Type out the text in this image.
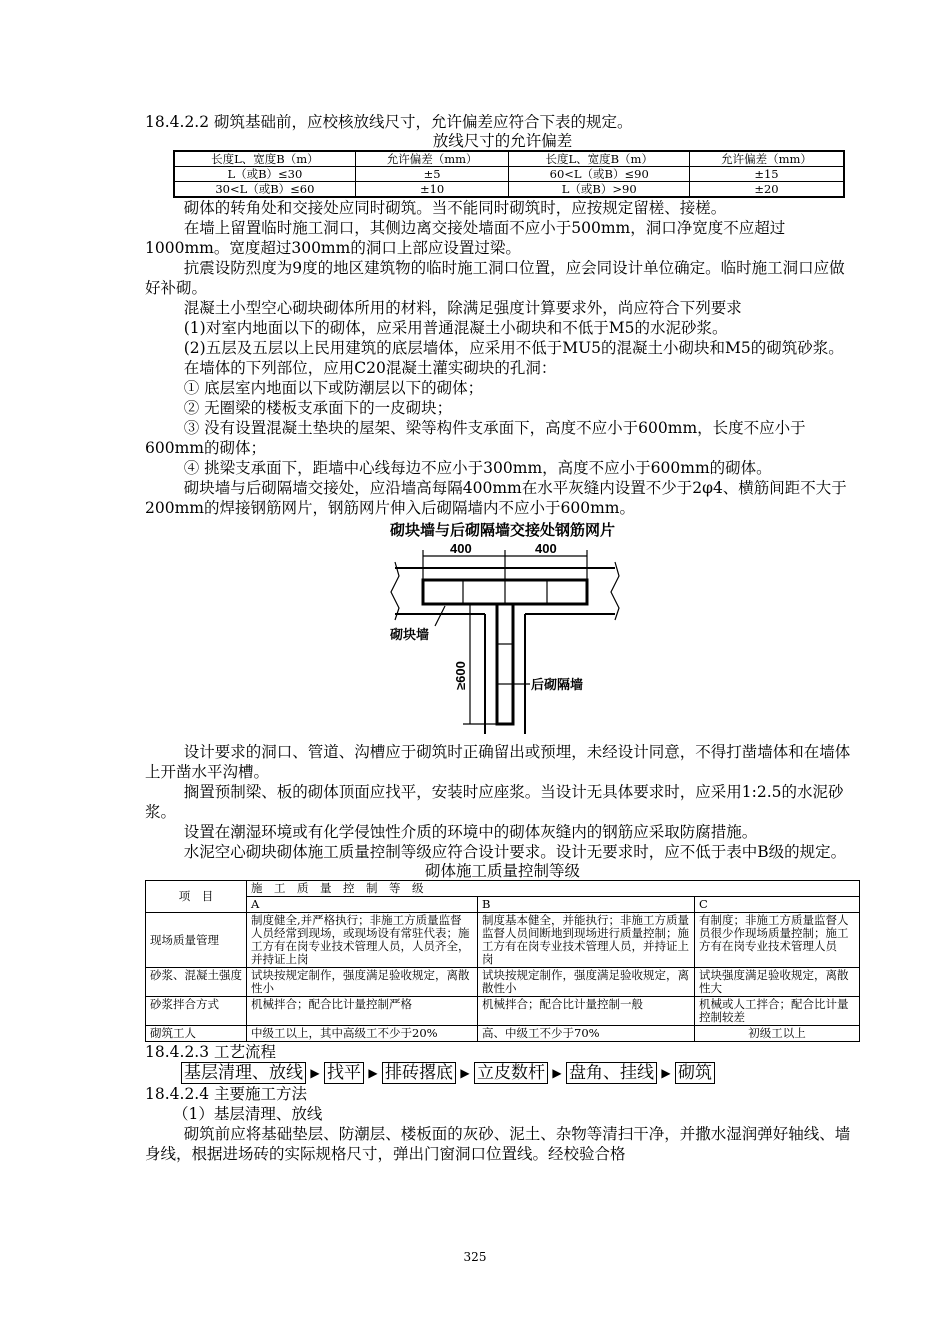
18.4.2.2 砌筑基础前，应校核放线尺寸，允许偏差应符合下表的规定。

放线尺寸的允许偏差

长度L、宽度B（m）	允许偏差（mm）	长度L、宽度B（m）	允许偏差（mm）
L（或B）≤30	±5	60<L（或B）≤90	±15
30<L（或B）≤60	±10	L（或B）>90	±20

砌体的转角处和交接处应同时砌筑。当不能同时砌筑时，应按规定留槎、接槎。

在墙上留置临时施工洞口，其侧边离交接处墙面不应小于500mm，洞口净宽度不应超过1000mm。宽度超过300mm的洞口上部应设置过梁。

抗震设防烈度为9度的地区建筑物的临时施工洞口位置，应会同设计单位确定。临时施工洞口应做好补砌。

混凝土小型空心砌块砌体所用的材料，除满足强度计算要求外，尚应符合下列要求

(1)对室内地面以下的砌体，应采用普通混凝土小砌块和不低于M5的水泥砂浆。

(2)五层及五层以上民用建筑的底层墙体，应采用不低于MU5的混凝土小砌块和M5的砌筑砂浆。

在墙体的下列部位，应用C20混凝土灌实砌块的孔洞：

① 底层室内地面以下或防潮层以下的砌体；

② 无圈梁的楼板支承面下的一皮砌块；

③ 没有设置混凝土垫块的屋架、梁等构件支承面下，高度不应小于600mm，长度不应小于600mm的砌体；

④ 挑梁支承面下，距墙中心线每边不应小于300mm，高度不应小于600mm的砌体。

砌块墙与后砌隔墙交接处，应沿墙高每隔400mm在水平灰缝内设置不少于2φ4、横筋间距不大于200mm的焊接钢筋网片，钢筋网片伸入后砌隔墙内不应小于600mm。

砌块墙与后砌隔墙交接处钢筋网片

400	400
砌块墙
后砌隔墙
≥600

设计要求的洞口、管道、沟槽应于砌筑时正确留出或预埋，未经设计同意，不得打凿墙体和在墙体上开凿水平沟槽。

搁置预制梁、板的砌体顶面应找平，安装时应座浆。当设计无具体要求时，应采用1:2.5的水泥砂浆。

设置在潮湿环境或有化学侵蚀性介质的环境中的砌体灰缝内的钢筋应采取防腐措施。

水泥空心砌块砌体施工质量控制等级应符合设计要求。设计无要求时，应不低于表中B级的规定。

砌体施工质量控制等级

项　目	施　工　质　量　控　制　等　级		
	A	B	C
现场质量管理	制度健全,并严格执行；非施工方质量监督人员经常到现场，或现场设有常驻代表；施工方有在岗专业技术管理人员，人员齐全，并持证上岗	制度基本健全，并能执行；非施工方质量监督人员间断地到现场进行质量控制；施工方有在岗专业技术管理人员，并持证上岗	有制度；非施工方质量监督人员很少作现场质量控制；施工方有在岗专业技术管理人员
砂浆、混凝土强度	试块按规定制作，强度满足验收规定，离散性小	试块按规定制作，强度满足验收规定，离散性小	试块强度满足验收规定，离散性大
砂浆拌合方式	机械拌合；配合比计量控制严格	机械拌合；配合比计量控制一般	机械或人工拌合；配合比计量控制较差
砌筑工人	中级工以上，其中高级工不少于20%	高、中级工不少于70%	初级工以上

18.4.2.3 工艺流程

基层清理、放线 ▶ 找平 ▶ 排砖撂底 ▶ 立皮数杆 ▶ 盘角、挂线 ▶ 砌筑

18.4.2.4 主要施工方法

（1）基层清理、放线

砌筑前应将基础垫层、防潮层、楼板面的灰砂、泥土、杂物等清扫干净，并撒水湿润弹好轴线、墙身线，根据进场砖的实际规格尺寸，弹出门窗洞口位置线。经校验合格

325
